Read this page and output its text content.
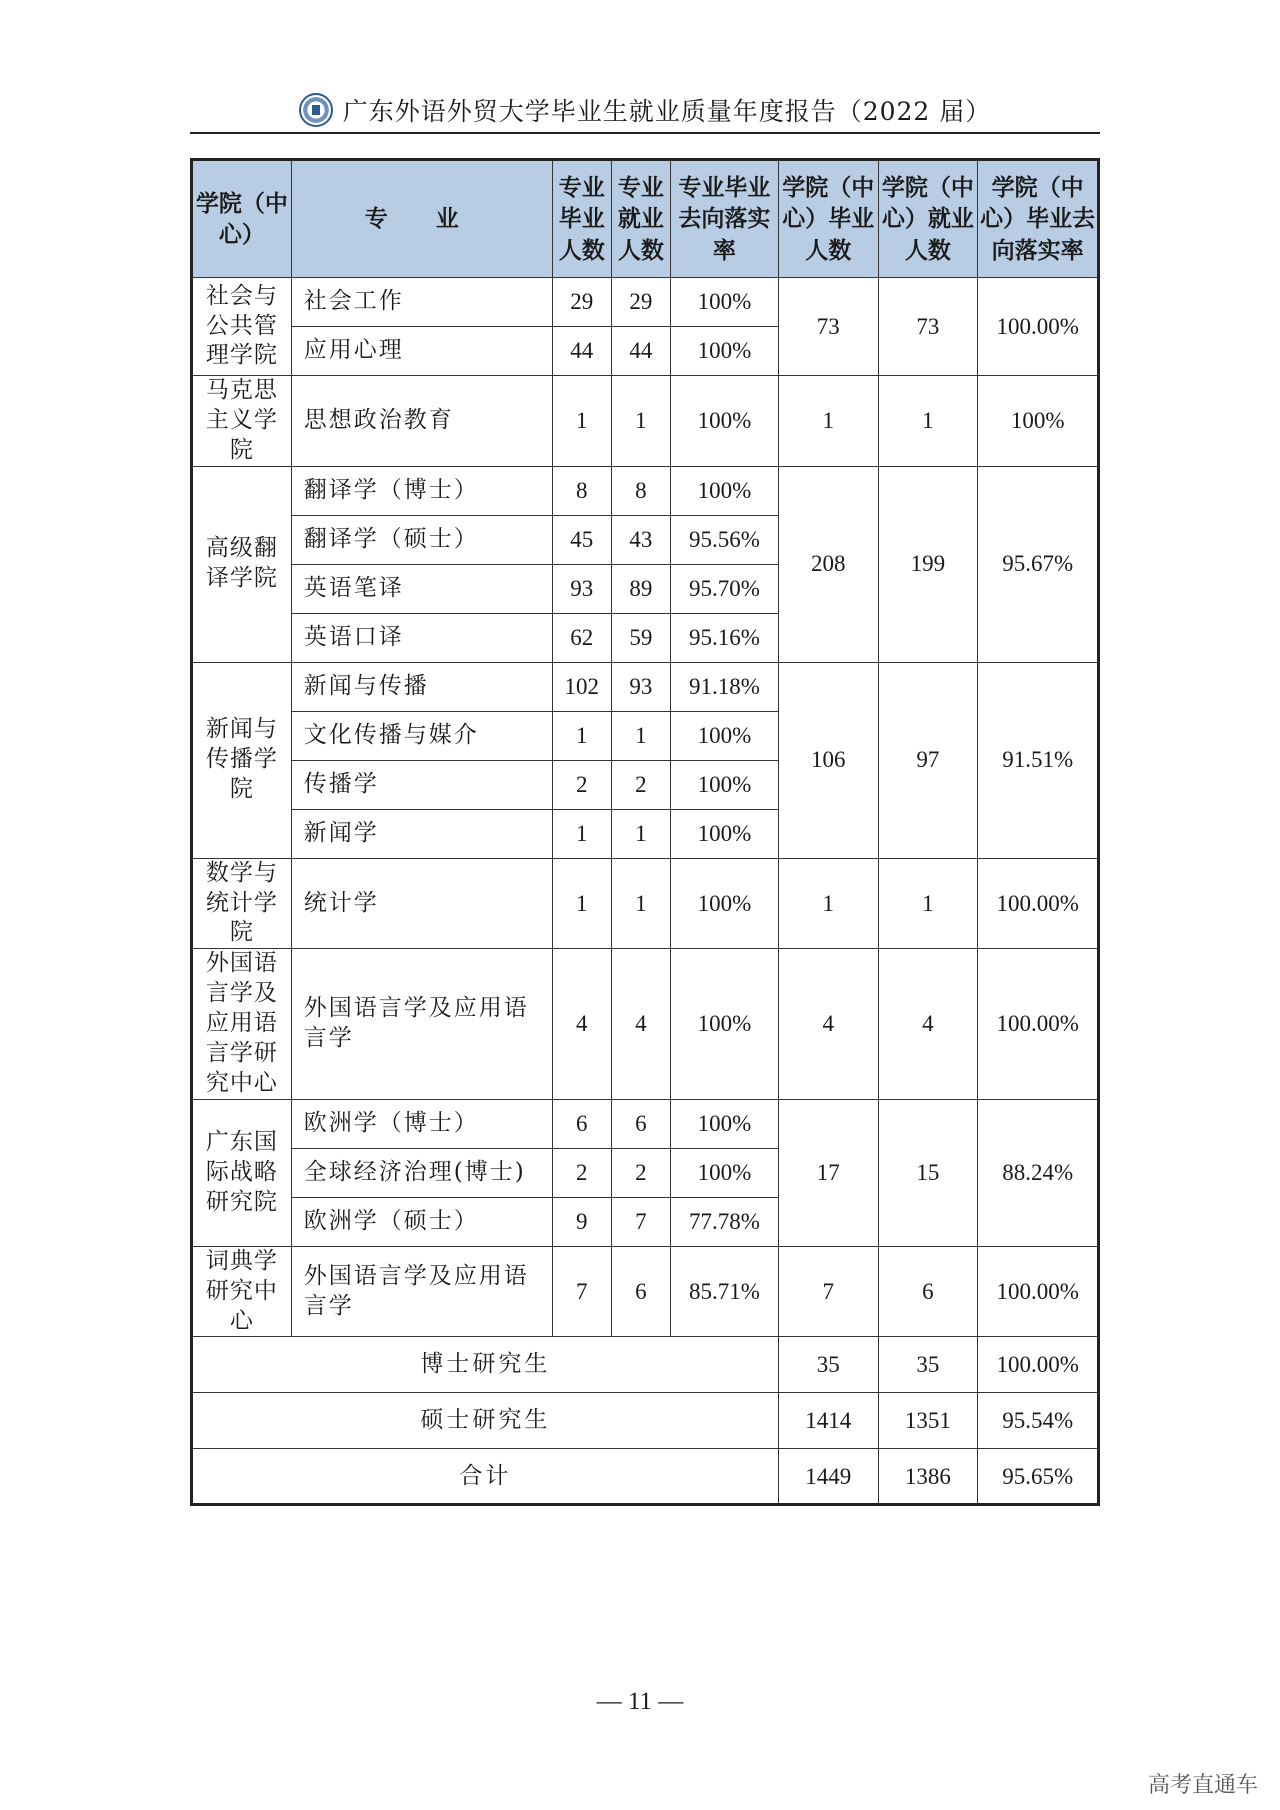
广东外语外贸大学毕业生就业质量年度报告（2022 届）
学院（中心）	专 业	专业毕业人数	专业就业人数	专业毕业去向落实率	学院（中心）毕业人数	学院（中心）就业人数	学院（中心）毕业去向落实率
社会与公共管理学院	社会工作	29	29	100%	73	73	100.00%
	应用心理	44	44	100%			
马克思主义学院	思想政治教育	1	1	100%	1	1	100%
高级翻译学院	翻译学（博士）	8	8	100%	208	199	95.67%
	翻译学（硕士）	45	43	95.56%			
	英语笔译	93	89	95.70%			
	英语口译	62	59	95.16%			
新闻与传播学院	新闻与传播	102	93	91.18%	106	97	91.51%
	文化传播与媒介	1	1	100%			
	传播学	2	2	100%			
	新闻学	1	1	100%			
数学与统计学院	统计学	1	1	100%	1	1	100.00%
外国语言学及应用语言学研究中心	外国语言学及应用语言学	4	4	100%	4	4	100.00%
广东国际战略研究院	欧洲学（博士）	6	6	100%	17	15	88.24%
	全球经济治理(博士)	2	2	100%			
	欧洲学（硕士）	9	7	77.78%			
词典学研究中心	外国语言学及应用语言学	7	6	85.71%	7	6	100.00%
博士研究生					35	35	100.00%
硕士研究生					1414	1351	95.54%
合计					1449	1386	95.65%
— 11 —
高考直通车
